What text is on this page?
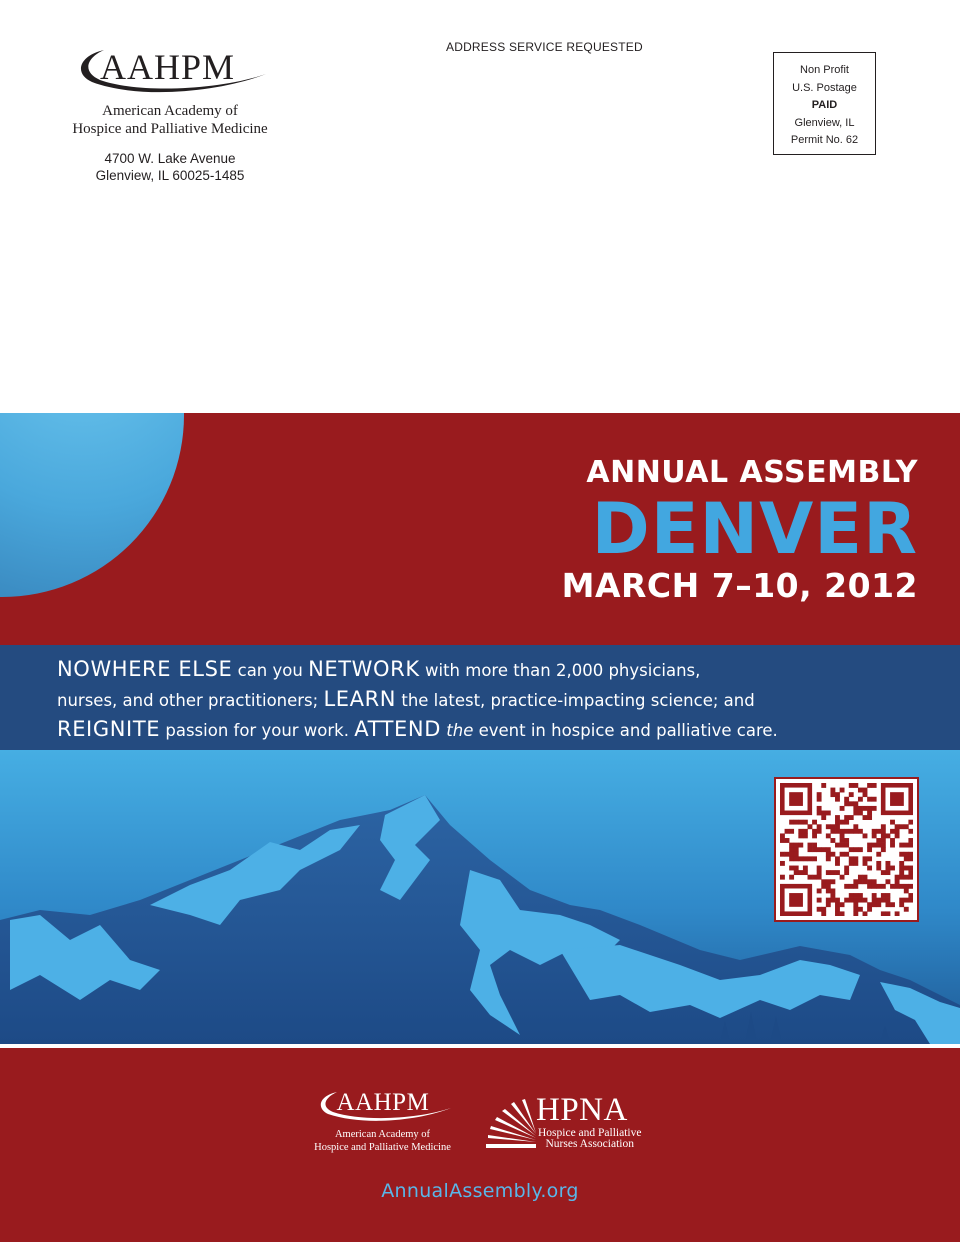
AAHPM
American Academy of
Hospice and Palliative Medicine
4700 W. Lake Avenue
Glenview, IL 60025-1485
ADDRESS SERVICE REQUESTED
Non Profit
U.S. Postage
PAID
Glenview, IL
Permit No. 62
ANNUAL ASSEMBLY
DENVER
MARCH 7–10, 2012
NOWHERE ELSE can you NETWORK with more than 2,000 physicians,
nurses, and other practitioners; LEARN the latest, practice-impacting science; and
REIGNITE passion for your work. ATTEND the event in hospice and palliative care.
AAHPM
American Academy of
Hospice and Palliative Medicine
HPNA
Hospice and Palliative
Nurses Association
AnnualAssembly.org
